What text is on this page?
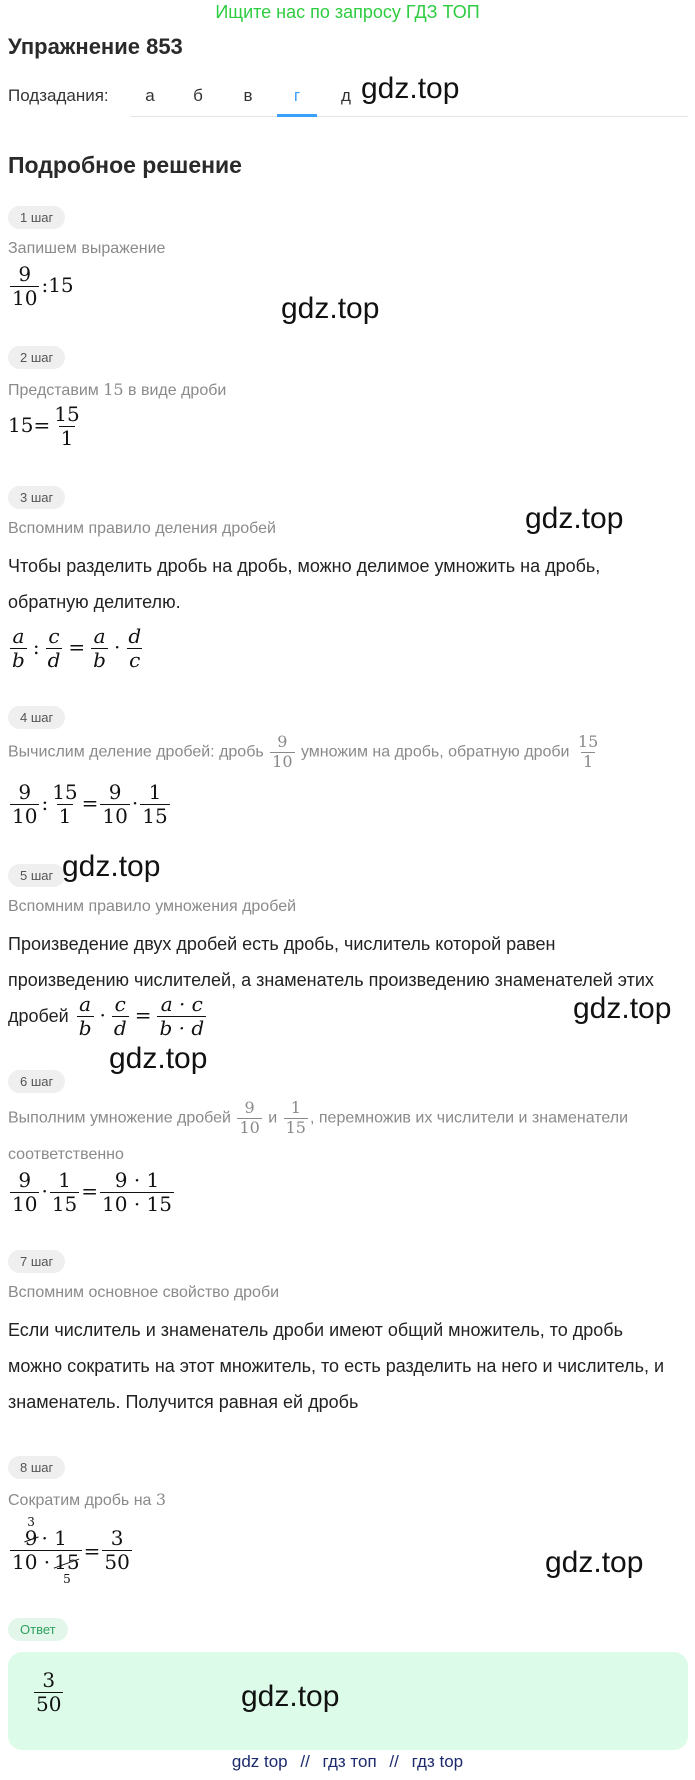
Ищите нас по запросу ГДЗ ТОП
Упражнение 853
Подзадания:	а	б	в	г	д gdz.top
Подробное решение
1 шаг
Запишем выражение
$\frac{9}{10}$ :15
gdz.top
2 шаг
Представим 15 в виде дроби
$15= \frac{15}{1}$
3 шаг
Вспомним правило деления дробей	gdz.top
Чтобы разделить дробь на дробь, можно делимое умножить на дробь,
обратную делителю.
$\frac{a}{b}$ : $\frac{c}{d} = \frac{a}{b} \cdot \frac{d}{c}$
4 шаг
Вычислим деление дробей: дробь $\frac{9}{10}$ умножим на дробь, обратную дроби $\frac{15}{1}$
$\frac{9}{10}$ : $\frac{15}{1} = \frac{9}{10} \cdot \frac{1}{15}$
5 шаг gdz.top
Вспомним правило умножения дробей
Произведение двух дробей есть дробь, числитель которой равен
произведению числителей, а знаменатель произведению знаменателей этих
дробей $\frac{a}{b} \cdot \frac{c}{d} = \frac{a \cdot c}{b \cdot d}$	gdz.top
gdz.top
6 шаг
Выполним умножение дробей $\frac{9}{10}$ и $\frac{1}{15}$ , перемножив их числители и знаменатели
соответственно
$\frac{9}{10} \cdot \frac{1}{15} = \frac{9 \cdot 1}{10 \cdot 15}$
7 шаг
Вспомним основное свойство дроби
Если числитель и знаменатель дроби имеют общий множитель, то дробь
можно сократить на этот множитель, то есть разделить на него и числитель, и
знаменатель. Получится равная ей дробь
8 шаг
Сократим дробь на 3
3
9 · 1
10 · 15
$5 = \frac{3}{50}$	gdz.top
Ответ
$\frac{3}{50}$	gdz.top
gdz top // гдз топ // гдз top
